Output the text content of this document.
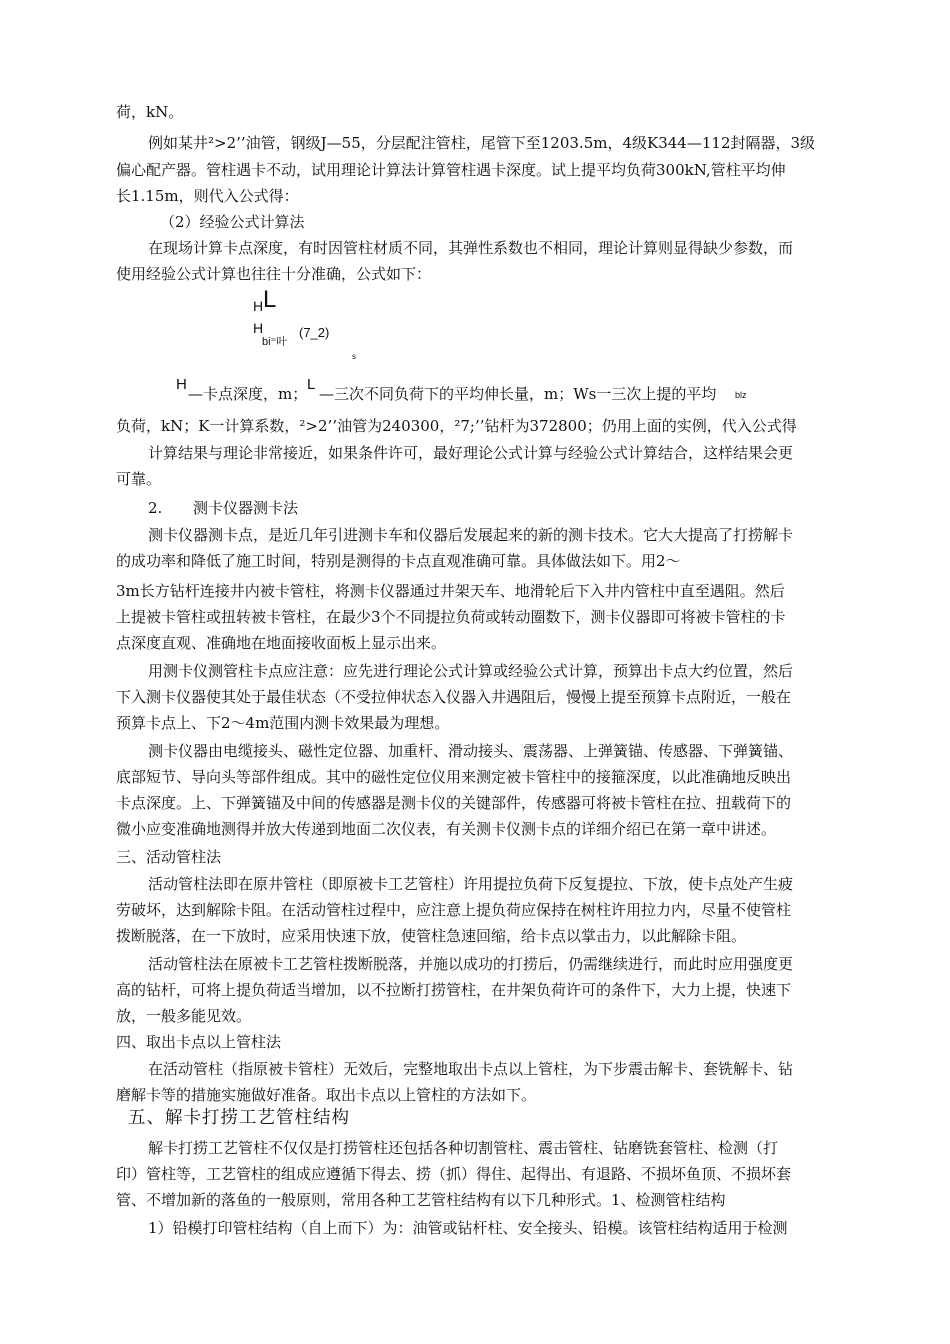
荷，kN。

例如某井²>2’’油管，钢级J—55，分层配注管柱，尾管下至1203.5m，4级K344—112封隔器，3级

偏心配产器。管柱遇卡不动，试用理论计算法计算管柱遇卡深度。试上提平均负荷300kN,管柱平均伸

长1.15m，则代入公式得：

（2）经验公式计算法

在现场计算卡点深度，有时因管柱材质不同，其弹性系数也不相同，理论计算则显得缺少参数，而

使用经验公式计算也往往十分准确，公式如下：

H L
H
bi⁼叶
(7_2)
s
H

—卡点深度，m；

L

—三次不同负荷下的平均伸长量，m；Ws一三次上提的平均 blz

负荷，kN；K一计算系数，²>2’’油管为240300，²7;’’钻杆为372800；仍用上面的实例，代入公式得

计算结果与理论非常接近，如果条件许可，最好理论公式计算与经验公式计算结合，这样结果会更

可靠。

2. 测卡仪器测卡法

测卡仪器测卡点，是近几年引进测卡车和仪器后发展起来的新的测卡技术。它大大提高了打捞解卡

的成功率和降低了施工时间，特别是测得的卡点直观准确可靠。具体做法如下。用2〜

3m长方钻杆连接井内被卡管柱，将测卡仪器通过井架天车、地滑轮后下入井内管柱中直至遇阻。然后

上提被卡管柱或扭转被卡管柱，在最少3个不同提拉负荷或转动圈数下，测卡仪器即可将被卡管柱的卡

点深度直观、准确地在地面接收面板上显示出来。

用测卡仪测管柱卡点应注意：应先进行理论公式计算或经验公式计算，预算出卡点大约位置，然后

下入测卡仪器使其处于最佳状态（不受拉伸状态入仪器入井遇阻后，慢慢上提至预算卡点附近，一般在

预算卡点上、下2〜4m范围内测卡效果最为理想。

测卡仪器由电缆接头、磁性定位器、加重杆、滑动接头、震荡器、上弹簧锚、传感器、下弹簧锚、

底部短节、导向头等部件组成。其中的磁性定位仪用来测定被卡管柱中的接箍深度，以此准确地反映出

卡点深度。上、下弹簧锚及中间的传感器是测卡仪的关键部件，传感器可将被卡管柱在拉、扭载荷下的

微小应变准确地测得并放大传递到地面二次仪表，有关测卡仪测卡点的详细介绍已在第一章中讲述。

三、活动管柱法

活动管柱法即在原井管柱（即原被卡工艺管柱）许用提拉负荷下反复提拉、下放，使卡点处产生疲

劳破坏，达到解除卡阻。在活动管柱过程中，应注意上提负荷应保持在树柱许用拉力内，尽量不使管柱

拨断脱落，在一下放时，应采用快速下放，使管柱急速回缩，给卡点以掌击力，以此解除卡阻。

活动管柱法在原被卡工艺管柱拨断脱落，并施以成功的打捞后，仍需继续进行，而此时应用强度更

高的钻杆，可将上提负荷适当增加，以不拉断打捞管柱，在井架负荷许可的条件下，大力上提，快速下

放，一般多能见效。

四、取出卡点以上管柱法

在活动管柱（指原被卡管柱）无效后，完整地取出卡点以上管柱，为下步震击解卡、套铣解卡、钻

磨解卡等的措施实施做好准备。取出卡点以上管柱的方法如下。

五、解卡打捞工艺管柱结构

解卡打捞工艺管柱不仅仅是打捞管柱还包括各种切割管柱、震击管柱、钻磨铣套管柱、检测（打

印）管柱等，工艺管柱的组成应遵循下得去、捞（抓）得住、起得出、有退路、不损坏鱼顶、不损坏套

管、不增加新的落鱼的一般原则，常用各种工艺管柱结构有以下几种形式。1、检测管柱结构

1）铅模打印管柱结构（自上而下）为：油管或钻杆柱、安全接头、铅模。该管柱结构适用于检测
